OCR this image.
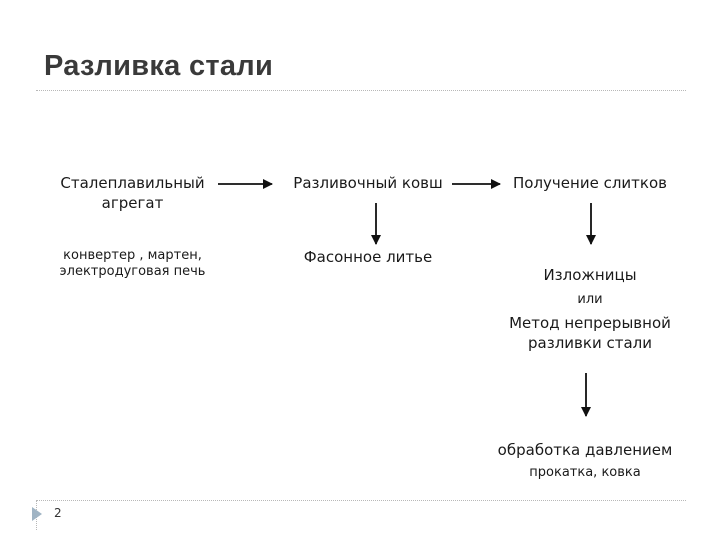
Разливка стали
Сталеплавильный агрегат
конвертер , мартен, электродуговая печь
Разливочный ковш
Фасонное литье
Получение слитков
Изложницы
или
Метод непрерывной разливки стали
обработка давлением
прокатка, ковка
2
